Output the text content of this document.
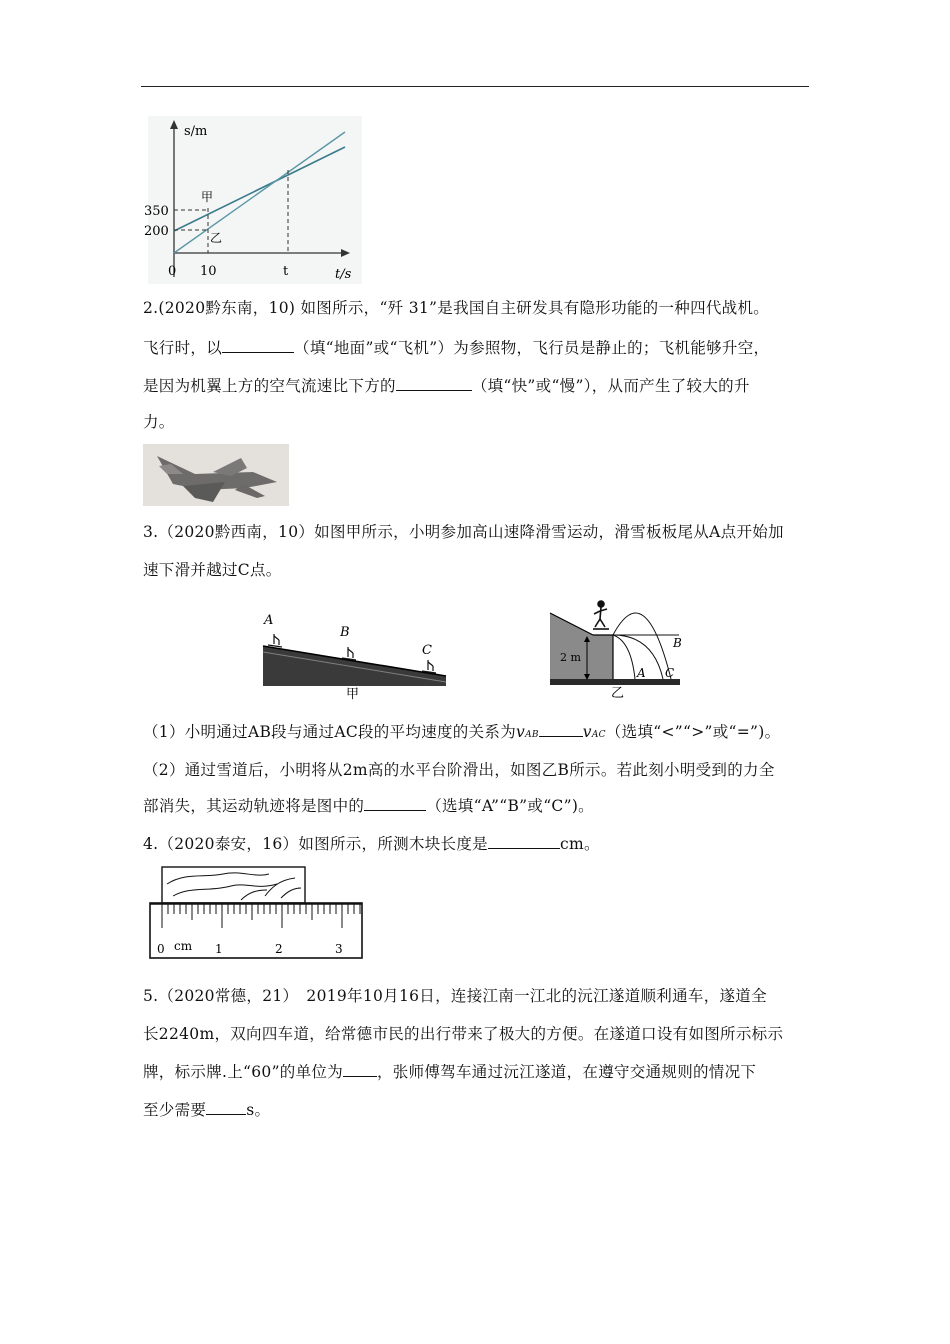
s/m
t/s
0 10	t
350
200
甲
乙
2.(2020黔东南，10) 如图所示，“歼 31”是我国自主研发具有隐形功能的一种四代战机。
飞行时，以	（填“地面”或“飞机”）为参照物，飞行员是静止的；飞机能够升空，
是因为机翼上方的空气流速比下方的	（填“快”或“慢”），从而产生了较大的升
力。
3.（2020黔西南，10）如图甲所示，小明参加高山速降滑雪运动，滑雪板板尾从A点开始加
速下滑并越过C点。
A
B
C
甲
2 m
B
A C
乙
（1）小明通过AB段与通过AC段的平均速度的关系为vAB	vAC（选填“<”“>”或“=”)。
（2）通过雪道后，小明将从2m高的水平台阶滑出，如图乙B所示。若此刻小明受到的力全
部消失，其运动轨迹将是图中的	（选填“A”“B”或“C”)。
4.（2020泰安，16）如图所示，所测木块长度是	cm。
0 cm 1	2	3
5.（2020常德，21）　2019年10月16日，连接江南一江北的沅江遂道顺利通车，遂道全
长2240m，双向四车道，给常德市民的出行带来了极大的方便。在遂道口设有如图所示标示
牌，标示牌.上“60”的单位为 ，张师傅驾车通过沅江遂道，在遵守交通规则的情况下
至少需要	s。
